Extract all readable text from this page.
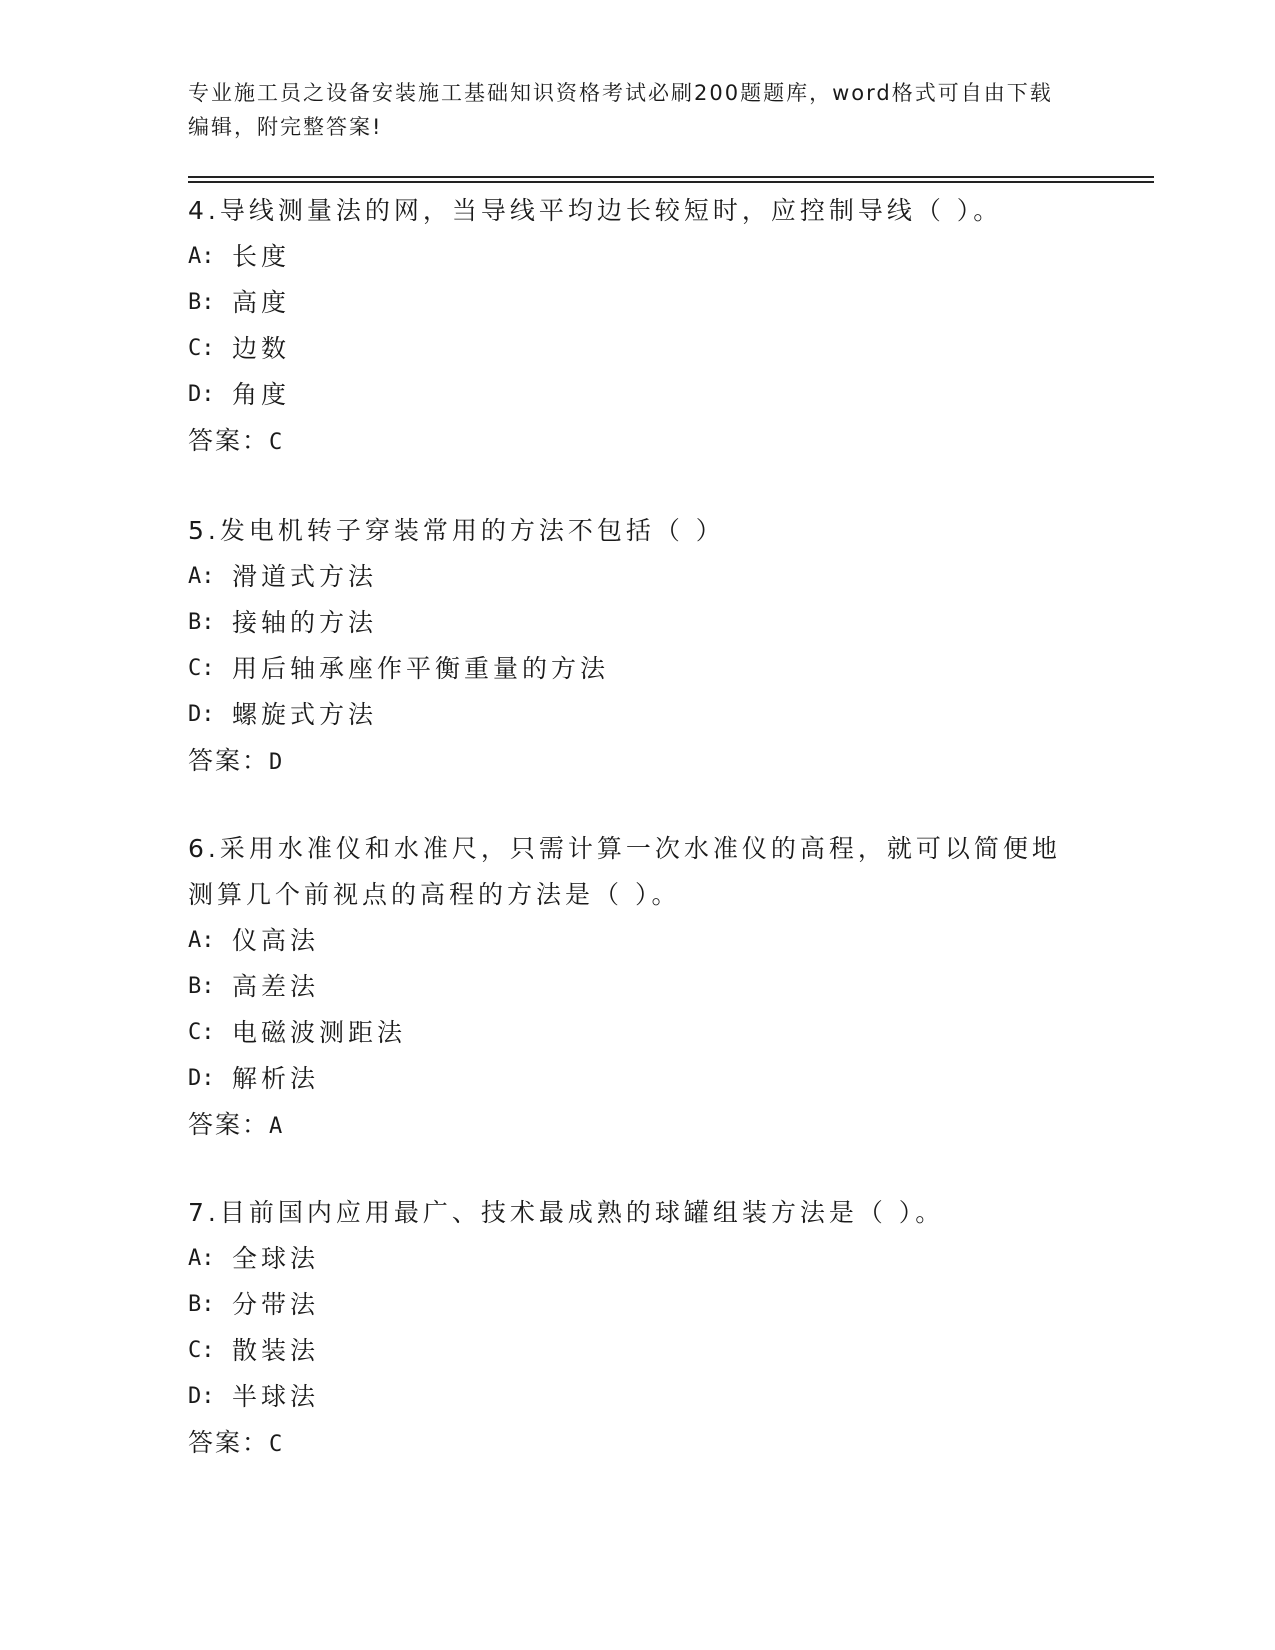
专业施工员之设备安装施工基础知识资格考试必刷200题题库，word格式可自由下载编辑，附完整答案!

4.导线测量法的网，当导线平均边长较短时，应控制导线（ ）。

A: 长度
B: 高度
C: 边数
D: 角度

答案：C

5.发电机转子穿装常用的方法不包括（ ）

A: 滑道式方法
B: 接轴的方法
C: 用后轴承座作平衡重量的方法
D: 螺旋式方法

答案：D

6.采用水准仪和水准尺，只需计算一次水准仪的高程，就可以简便地测算几个前视点的高程的方法是（ ）。

A: 仪高法
B: 高差法
C: 电磁波测距法
D: 解析法

答案：A

7.目前国内应用最广、技术最成熟的球罐组装方法是（ ）。

A: 全球法
B: 分带法
C: 散装法
D: 半球法

答案：C
